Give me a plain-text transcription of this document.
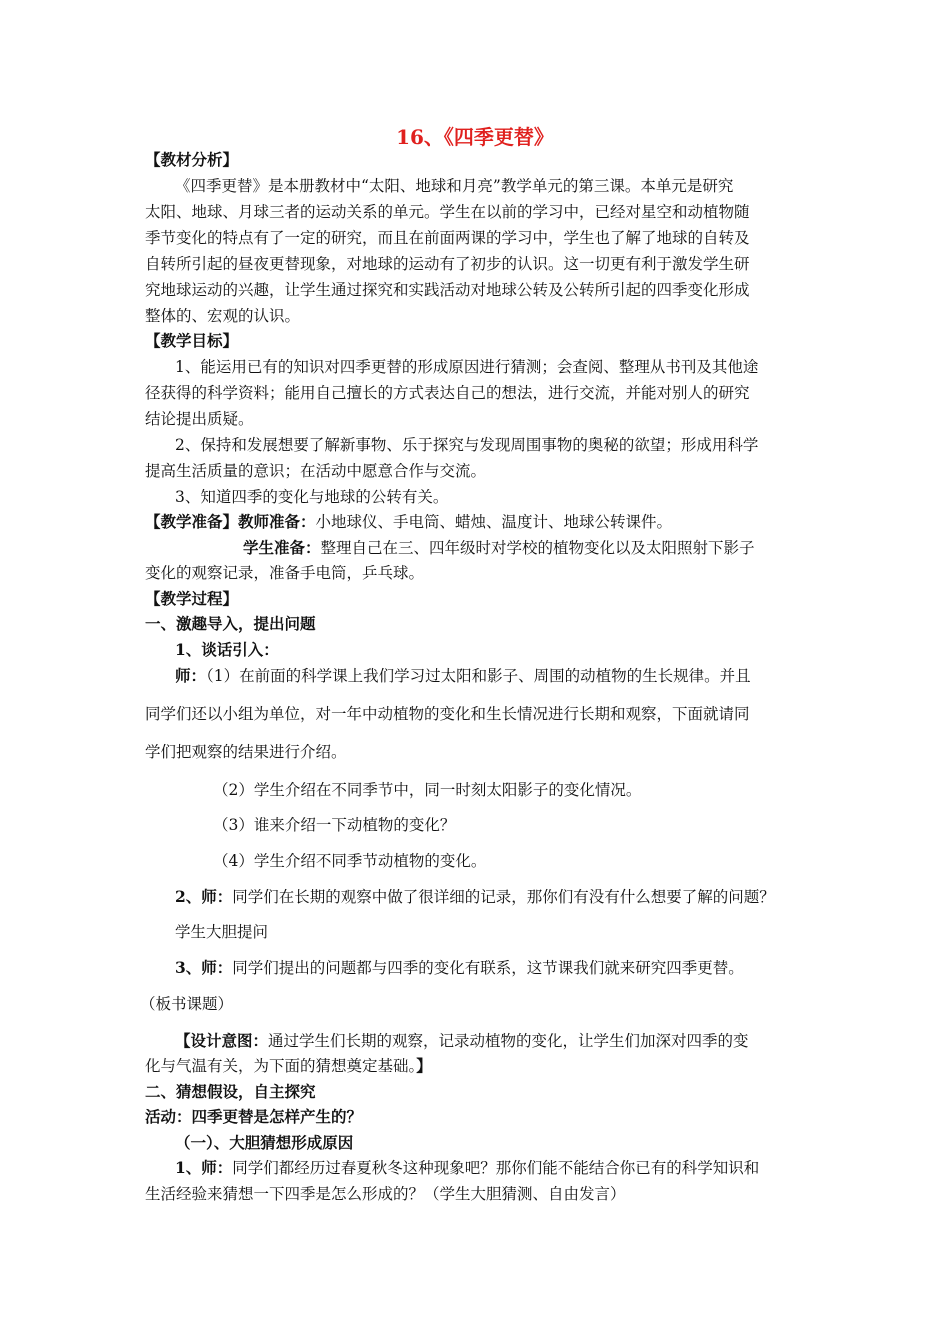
16、《四季更替》
【教材分析】
《四季更替》是本册教材中“太阳、地球和月亮”教学单元的第三课。本单元是研究
太阳、地球、月球三者的运动关系的单元。学生在以前的学习中，已经对星空和动植物随
季节变化的特点有了一定的研究，而且在前面两课的学习中，学生也了解了地球的自转及
自转所引起的昼夜更替现象，对地球的运动有了初步的认识。这一切更有利于激发学生研
究地球运动的兴趣，让学生通过探究和实践活动对地球公转及公转所引起的四季变化形成
整体的、宏观的认识。
【教学目标】
1、能运用已有的知识对四季更替的形成原因进行猜测；会查阅、整理从书刊及其他途
径获得的科学资料；能用自己擅长的方式表达自己的想法，进行交流，并能对别人的研究
结论提出质疑。
2、保持和发展想要了解新事物、乐于探究与发现周围事物的奥秘的欲望；形成用科学
提高生活质量的意识；在活动中愿意合作与交流。
3、知道四季的变化与地球的公转有关。
【教学准备】教师准备：小地球仪、手电筒、蜡烛、温度计、地球公转课件。
学生准备：整理自己在三、四年级时对学校的植物变化以及太阳照射下影子
变化的观察记录，准备手电筒，乒乓球。
【教学过程】
一、激趣导入，提出问题
1、谈话引入：
师：（1）在前面的科学课上我们学习过太阳和影子、周围的动植物的生长规律。并且
同学们还以小组为单位，对一年中动植物的变化和生长情况进行长期和观察，下面就请同
学们把观察的结果进行介绍。
（2）学生介绍在不同季节中，同一时刻太阳影子的变化情况。
（3）谁来介绍一下动植物的变化？
（4）学生介绍不同季节动植物的变化。
2、师：同学们在长期的观察中做了很详细的记录，那你们有没有什么想要了解的问题？
学生大胆提问
3、师：同学们提出的问题都与四季的变化有联系，这节课我们就来研究四季更替。
（板书课题）
【设计意图：通过学生们长期的观察，记录动植物的变化，让学生们加深对四季的变
化与气温有关，为下面的猜想奠定基础。】
二、猜想假设，自主探究
活动：四季更替是怎样产生的？
（一）、大胆猜想形成原因
1、师：同学们都经历过春夏秋冬这种现象吧？那你们能不能结合你已有的科学知识和
生活经验来猜想一下四季是怎么形成的？（学生大胆猜测、自由发言）
